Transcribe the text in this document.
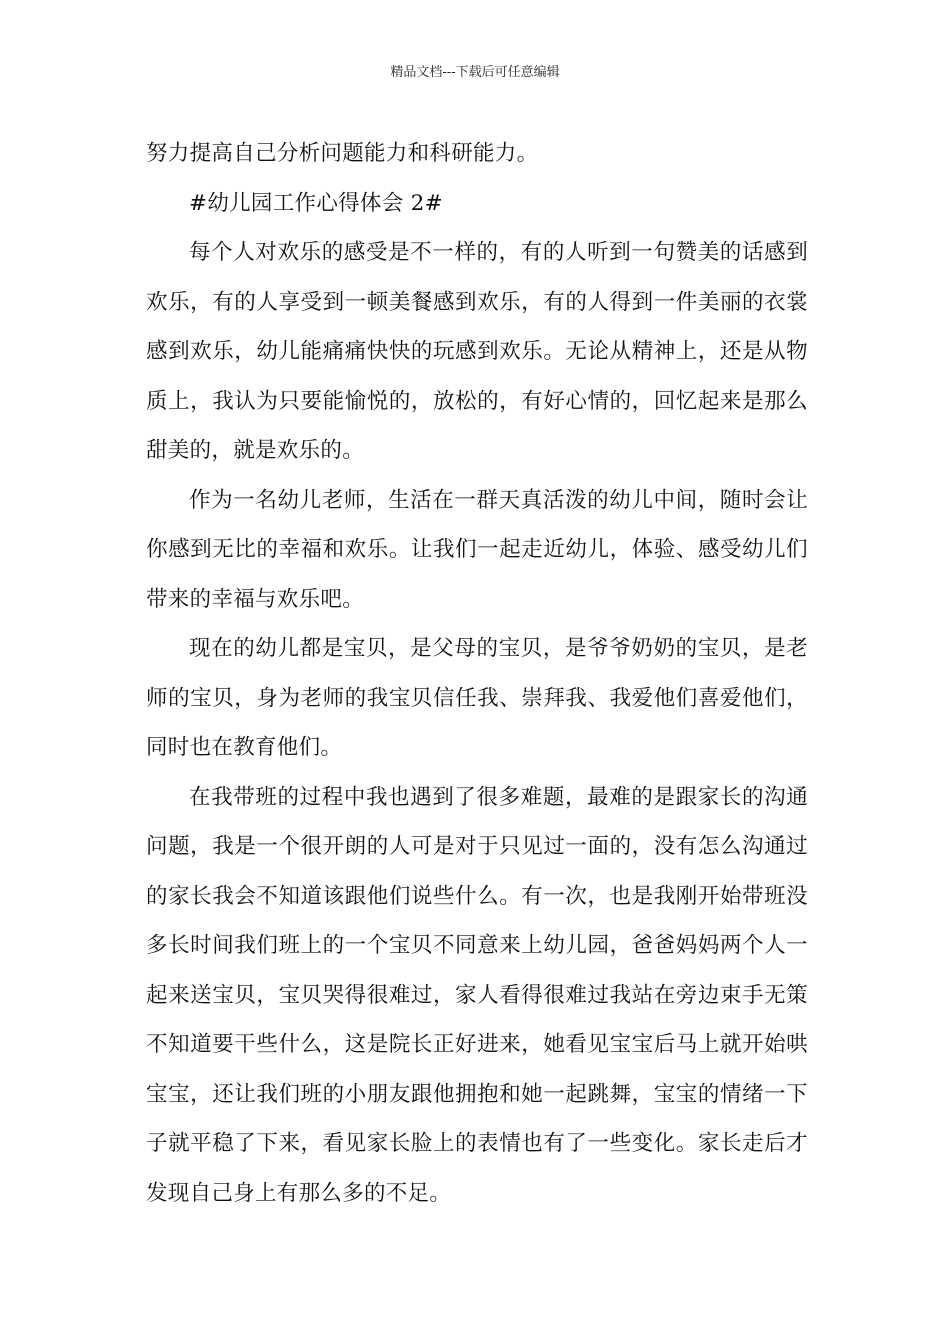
精品文档---下载后可任意编辑

努力提高自己分析问题能力和科研能力。

#幼儿园工作心得体会 2#

每个人对欢乐的感受是不一样的，有的人听到一句赞美的话感到欢乐，有的人享受到一顿美餐感到欢乐，有的人得到一件美丽的衣裳感到欢乐，幼儿能痛痛快快的玩感到欢乐。无论从精神上，还是从物质上，我认为只要能愉悦的，放松的，有好心情的，回忆起来是那么甜美的，就是欢乐的。

作为一名幼儿老师，生活在一群天真活泼的幼儿中间，随时会让你感到无比的幸福和欢乐。让我们一起走近幼儿，体验、感受幼儿们带来的幸福与欢乐吧。

现在的幼儿都是宝贝，是父母的宝贝，是爷爷奶奶的宝贝，是老师的宝贝，身为老师的我宝贝信任我、崇拜我、我爱他们喜爱他们，同时也在教育他们。

在我带班的过程中我也遇到了很多难题，最难的是跟家长的沟通问题，我是一个很开朗的人可是对于只见过一面的，没有怎么沟通过的家长我会不知道该跟他们说些什么。有一次，也是我刚开始带班没多长时间我们班上的一个宝贝不同意来上幼儿园，爸爸妈妈两个人一起来送宝贝，宝贝哭得很难过，家人看得很难过我站在旁边束手无策不知道要干些什么，这是院长正好进来，她看见宝宝后马上就开始哄宝宝，还让我们班的小朋友跟他拥抱和她一起跳舞，宝宝的情绪一下子就平稳了下来，看见家长脸上的表情也有了一些变化。家长走后才发现自己身上有那么多的不足。
